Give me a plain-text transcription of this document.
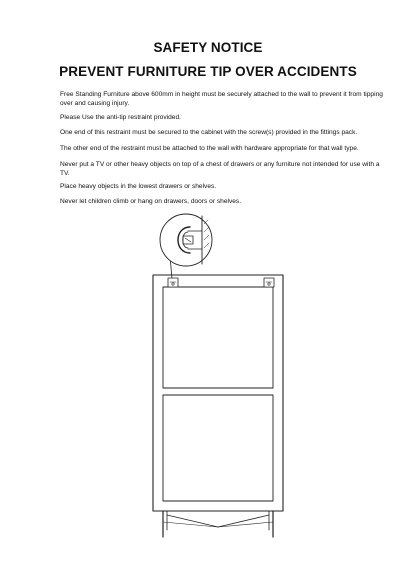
SAFETY NOTICE
PREVENT FURNITURE TIP OVER ACCIDENTS

Free Standing Furniture above 600mm in height must be securely attached to the wall to prevent it from tipping over and causing injury.

Please Use the anti-tip restraint provided.

One end of this restraint must be secured to the cabinet with the screw(s) provided in the fittings pack.

The other end of the restraint must be attached to the wall with hardware appropriate for that wall type.

Never put a TV or other heavy objects on top of a chest of drawers or any furniture not intended for use with a TV.

Place heavy objects in the lowest drawers or shelves.

Never let children climb or hang on drawers, doors or shelves.
